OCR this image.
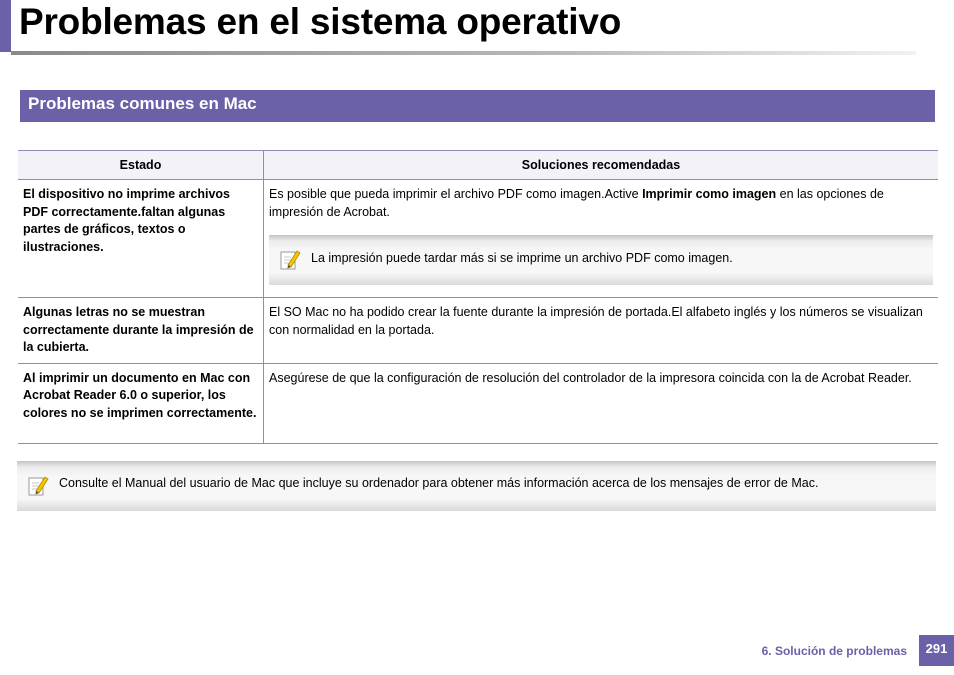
Problemas en el sistema operativo
Problemas comunes en Mac
Estado	Soluciones recomendadas
El dispositivo no imprime archivos PDF correctamente.faltan algunas partes de gráficos, textos o ilustraciones.	Es posible que pueda imprimir el archivo PDF como imagen.Active Imprimir como imagen en las opciones de impresión de Acrobat.
La impresión puede tardar más si se imprime un archivo PDF como imagen.

Algunas letras no se muestran correctamente durante la impresión de la cubierta.	El SO Mac no ha podido crear la fuente durante la impresión de portada.El alfabeto inglés y los números se visualizan con normalidad en la portada.
Al imprimir un documento en Mac con Acrobat Reader 6.0 o superior, los colores no se imprimen correctamente.	Asegúrese de que la configuración de resolución del controlador de la impresora coincida con la de Acrobat Reader.
Consulte el Manual del usuario de Mac que incluye su ordenador para obtener más información acerca de los mensajes de error de Mac.
6. Solución de problemas	291
